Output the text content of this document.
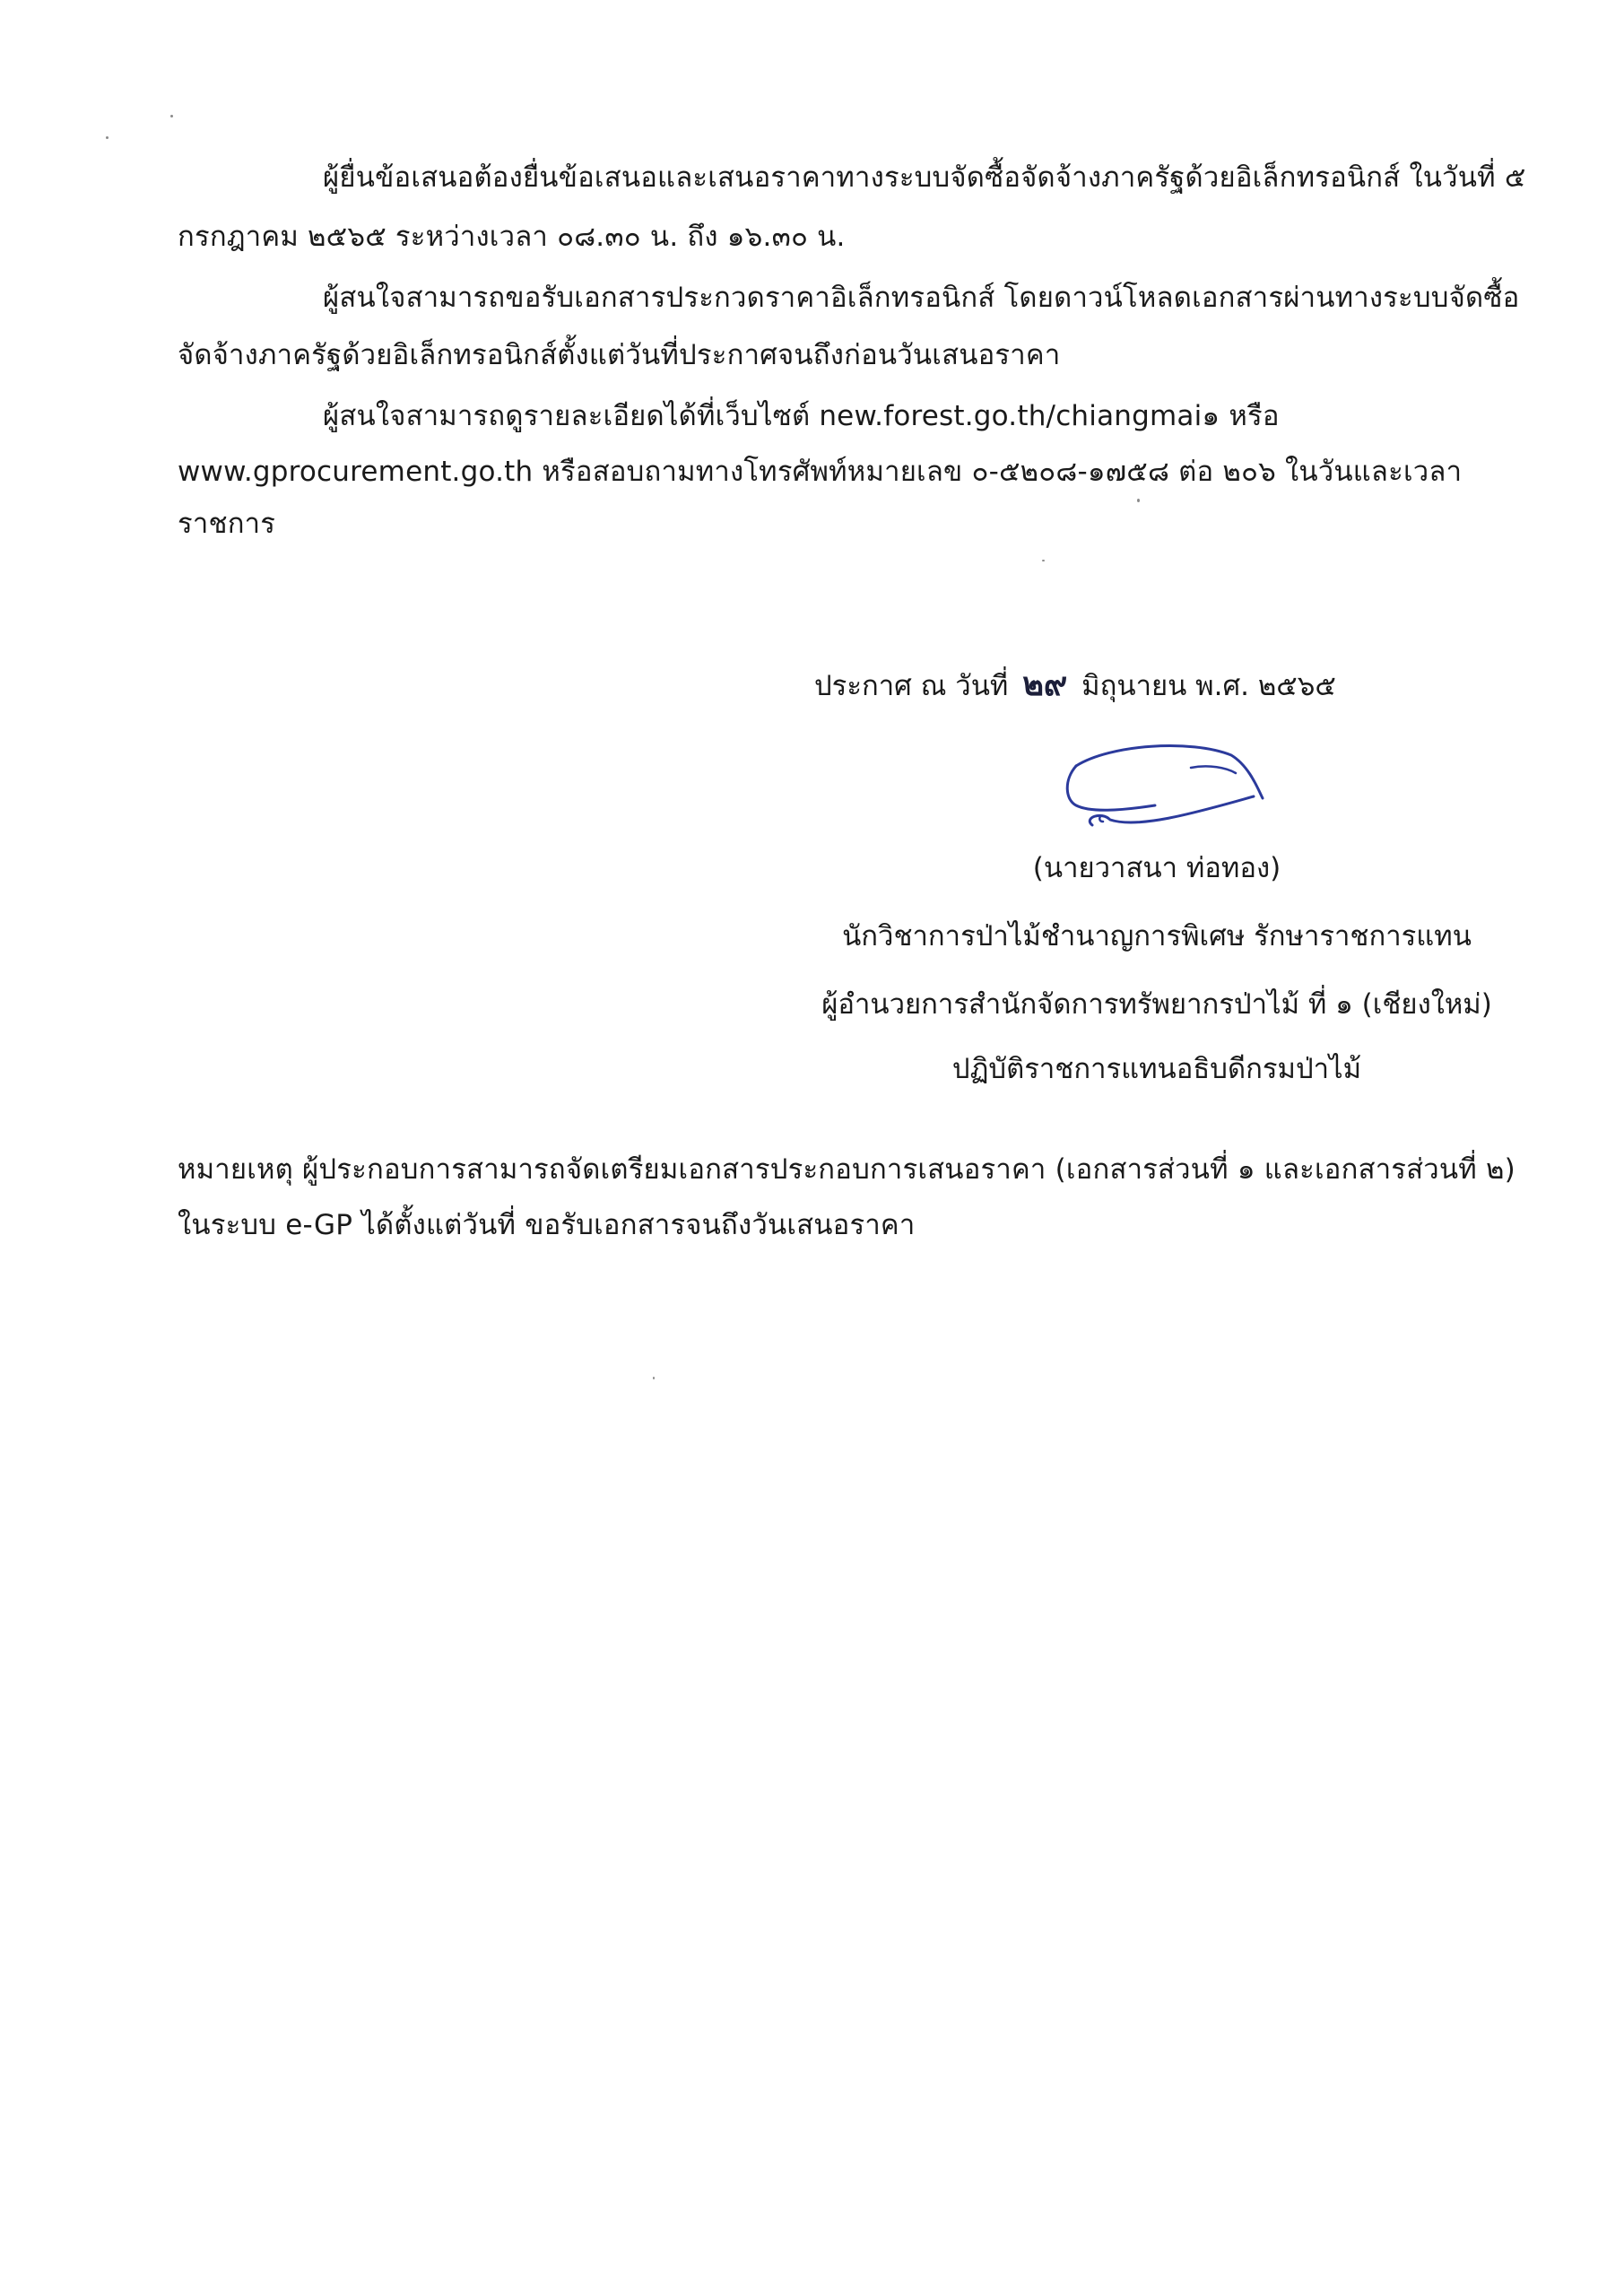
ผู้ยื่นข้อเสนอต้องยื่นข้อเสนอและเสนอราคาทางระบบจัดซื้อจัดจ้างภาครัฐด้วยอิเล็กทรอนิกส์ ในวันที่ ๕
กรกฎาคม ๒๕๖๕ ระหว่างเวลา ๐๘.๓๐ น. ถึง ๑๖.๓๐ น.
ผู้สนใจสามารถขอรับเอกสารประกวดราคาอิเล็กทรอนิกส์ โดยดาวน์โหลดเอกสารผ่านทางระบบจัดซื้อ
จัดจ้างภาครัฐด้วยอิเล็กทรอนิกส์ตั้งแต่วันที่ประกาศจนถึงก่อนวันเสนอราคา
ผู้สนใจสามารถดูรายละเอียดได้ที่เว็บไซต์ new.forest.go.th/chiangmai๑ หรือ
www.gprocurement.go.th หรือสอบถามทางโทรศัพท์หมายเลข ๐-๕๒๐๘-๑๗๕๘ ต่อ ๒๐๖ ในวันและเวลา
ราชการ
ประกาศ ณ วันที่ ๒๙ มิถุนายน พ.ศ. ๒๕๖๕
(นายวาสนา ท่อทอง)
นักวิชาการป่าไม้ชำนาญการพิเศษ รักษาราชการแทน
ผู้อำนวยการสำนักจัดการทรัพยากรป่าไม้ ที่ ๑ (เชียงใหม่)
ปฏิบัติราชการแทนอธิบดีกรมป่าไม้
หมายเหตุ ผู้ประกอบการสามารถจัดเตรียมเอกสารประกอบการเสนอราคา (เอกสารส่วนที่ ๑ และเอกสารส่วนที่ ๒)
ในระบบ e-GP ได้ตั้งแต่วันที่ ขอรับเอกสารจนถึงวันเสนอราคา
